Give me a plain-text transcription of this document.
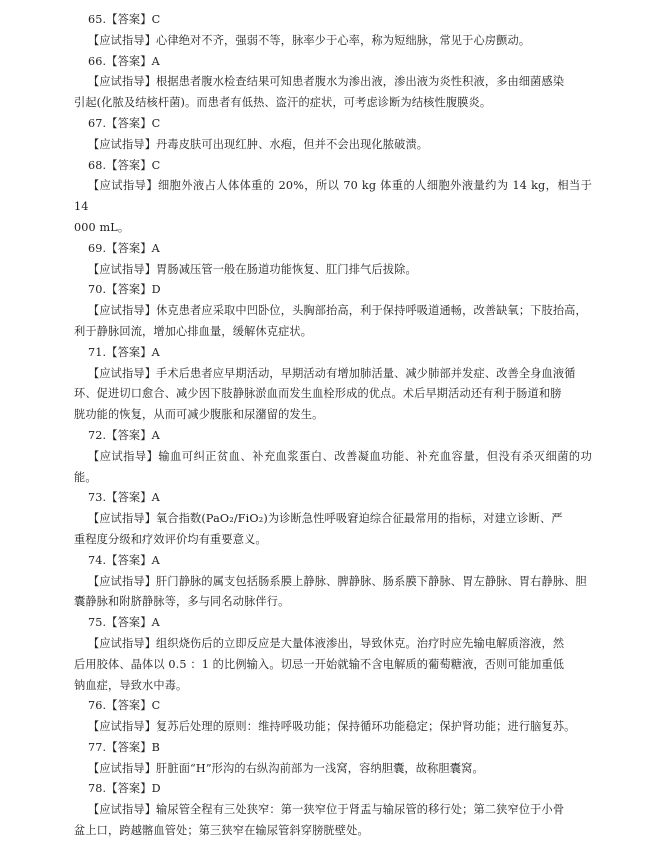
65.【答案】C
【应试指导】心律绝对不齐，强弱不等，脉率少于心率，称为短绌脉，常见于心房颤动。
66.【答案】A
【应试指导】根据患者腹水检查结果可知患者腹水为渗出液，渗出液为炎性积液，多由细菌感染
引起(化脓及结核杆菌)。而患者有低热、盗汗的症状，可考虑诊断为结核性腹膜炎。
67.【答案】C
【应试指导】丹毒皮肤可出现红肿、水疱，但并不会出现化脓破溃。
68.【答案】C
【应试指导】细胞外液占人体体重的 20%，所以 70 kg 体重的人细胞外液量约为 14 kg，相当于 14
000 mL。
69.【答案】A
【应试指导】胃肠减压管一般在肠道功能恢复、肛门排气后拔除。
70.【答案】D
【应试指导】休克患者应采取中凹卧位，头胸部抬高，利于保持呼吸道通畅，改善缺氧；下肢抬高，
利于静脉回流，增加心排血量，缓解休克症状。
71.【答案】A
【应试指导】手术后患者应早期活动，早期活动有增加肺活量、减少肺部并发症、改善全身血液循
环、促进切口愈合、减少因下肢静脉淤血而发生血栓形成的优点。术后早期活动还有利于肠道和膀
胱功能的恢复，从而可减少腹胀和尿潴留的发生。
72.【答案】A
【应试指导】输血可纠正贫血、补充血浆蛋白、改善凝血功能、补充血容量，但没有杀灭细菌的功能。
73.【答案】A
【应试指导】氧合指数(PaO₂/FiO₂)为诊断急性呼吸窘迫综合征最常用的指标，对建立诊断、严
重程度分级和疗效评价均有重要意义。
74.【答案】A
【应试指导】肝门静脉的属支包括肠系膜上静脉、脾静脉、肠系膜下静脉、胃左静脉、胃右静脉、胆
囊静脉和附脐静脉等，多与同名动脉伴行。
75.【答案】A
【应试指导】组织烧伤后的立即反应是大量体液渗出，导致休克。治疗时应先输电解质溶液，然
后用胶体、晶体以 0.5 ：1 的比例输入。切忌一开始就输不含电解质的葡萄糖液，否则可能加重低
钠血症，导致水中毒。
76.【答案】C
【应试指导】复苏后处理的原则：维持呼吸功能；保持循环功能稳定；保护肾功能；进行脑复苏。
77.【答案】B
【应试指导】肝脏面“H”形沟的右纵沟前部为一浅窝，容纳胆囊，故称胆囊窝。
78.【答案】D
【应试指导】输尿管全程有三处狭窄：第一狭窄位于肾盂与输尿管的移行处；第二狭窄位于小骨
盆上口，跨越髂血管处；第三狭窄在输尿管斜穿膀胱壁处。
